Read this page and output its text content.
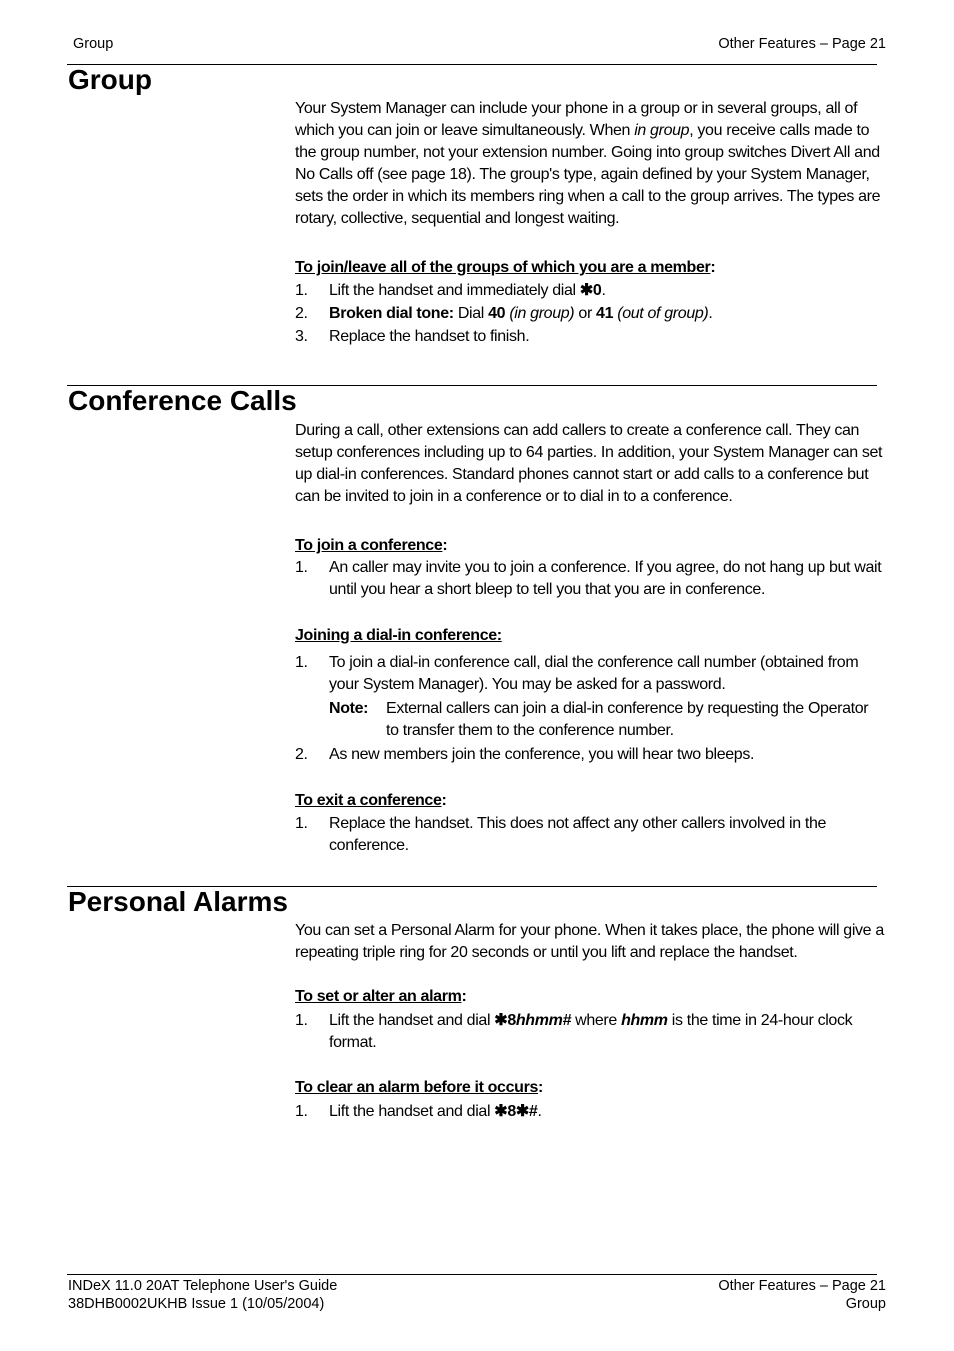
Group	Other Features – Page 21
Group

Your System Manager can include your phone in a group or in several groups, all of which you can join or leave simultaneously. When in group, you receive calls made to the group number, not your extension number. Going into group switches Divert All and No Calls off (see page 18). The group's type, again defined by your System Manager, sets the order in which its members ring when a call to the group arrives. The types are rotary, collective, sequential and longest waiting.

To join/leave all of the groups of which you are a member:

1. Lift the handset and immediately dial ✱0.
2. Broken dial tone: Dial 40 (in group) or 41 (out of group).
3. Replace the handset to finish.
Conference Calls

During a call, other extensions can add callers to create a conference call. They can setup conferences including up to 64 parties. In addition, your System Manager can set up dial-in conferences. Standard phones cannot start or add calls to a conference but can be invited to join in a conference or to dial in to a conference.

To join a conference:

1. An caller may invite you to join a conference. If you agree, do not hang up but wait until you hear a short bleep to tell you that you are in conference.

Joining a dial-in conference:

1. To join a dial-in conference call, dial the conference call number (obtained from your System Manager). You may be asked for a password.
Note: External callers can join a dial-in conference by requesting the Operator to transfer them to the conference number.
2. As new members join the conference, you will hear two bleeps.

To exit a conference:

1. Replace the handset. This does not affect any other callers involved in the conference.
Personal Alarms

You can set a Personal Alarm for your phone. When it takes place, the phone will give a repeating triple ring for 20 seconds or until you lift and replace the handset.

To set or alter an alarm:

1. Lift the handset and dial ✱8hhmm# where hhmm is the time in 24-hour clock format.

To clear an alarm before it occurs:

1. Lift the handset and dial ✱8✱#.
INDeX 11.0 20AT Telephone User's Guide
38DHB0002UKHB Issue 1 (10/05/2004)
Other Features – Page 21
Group
